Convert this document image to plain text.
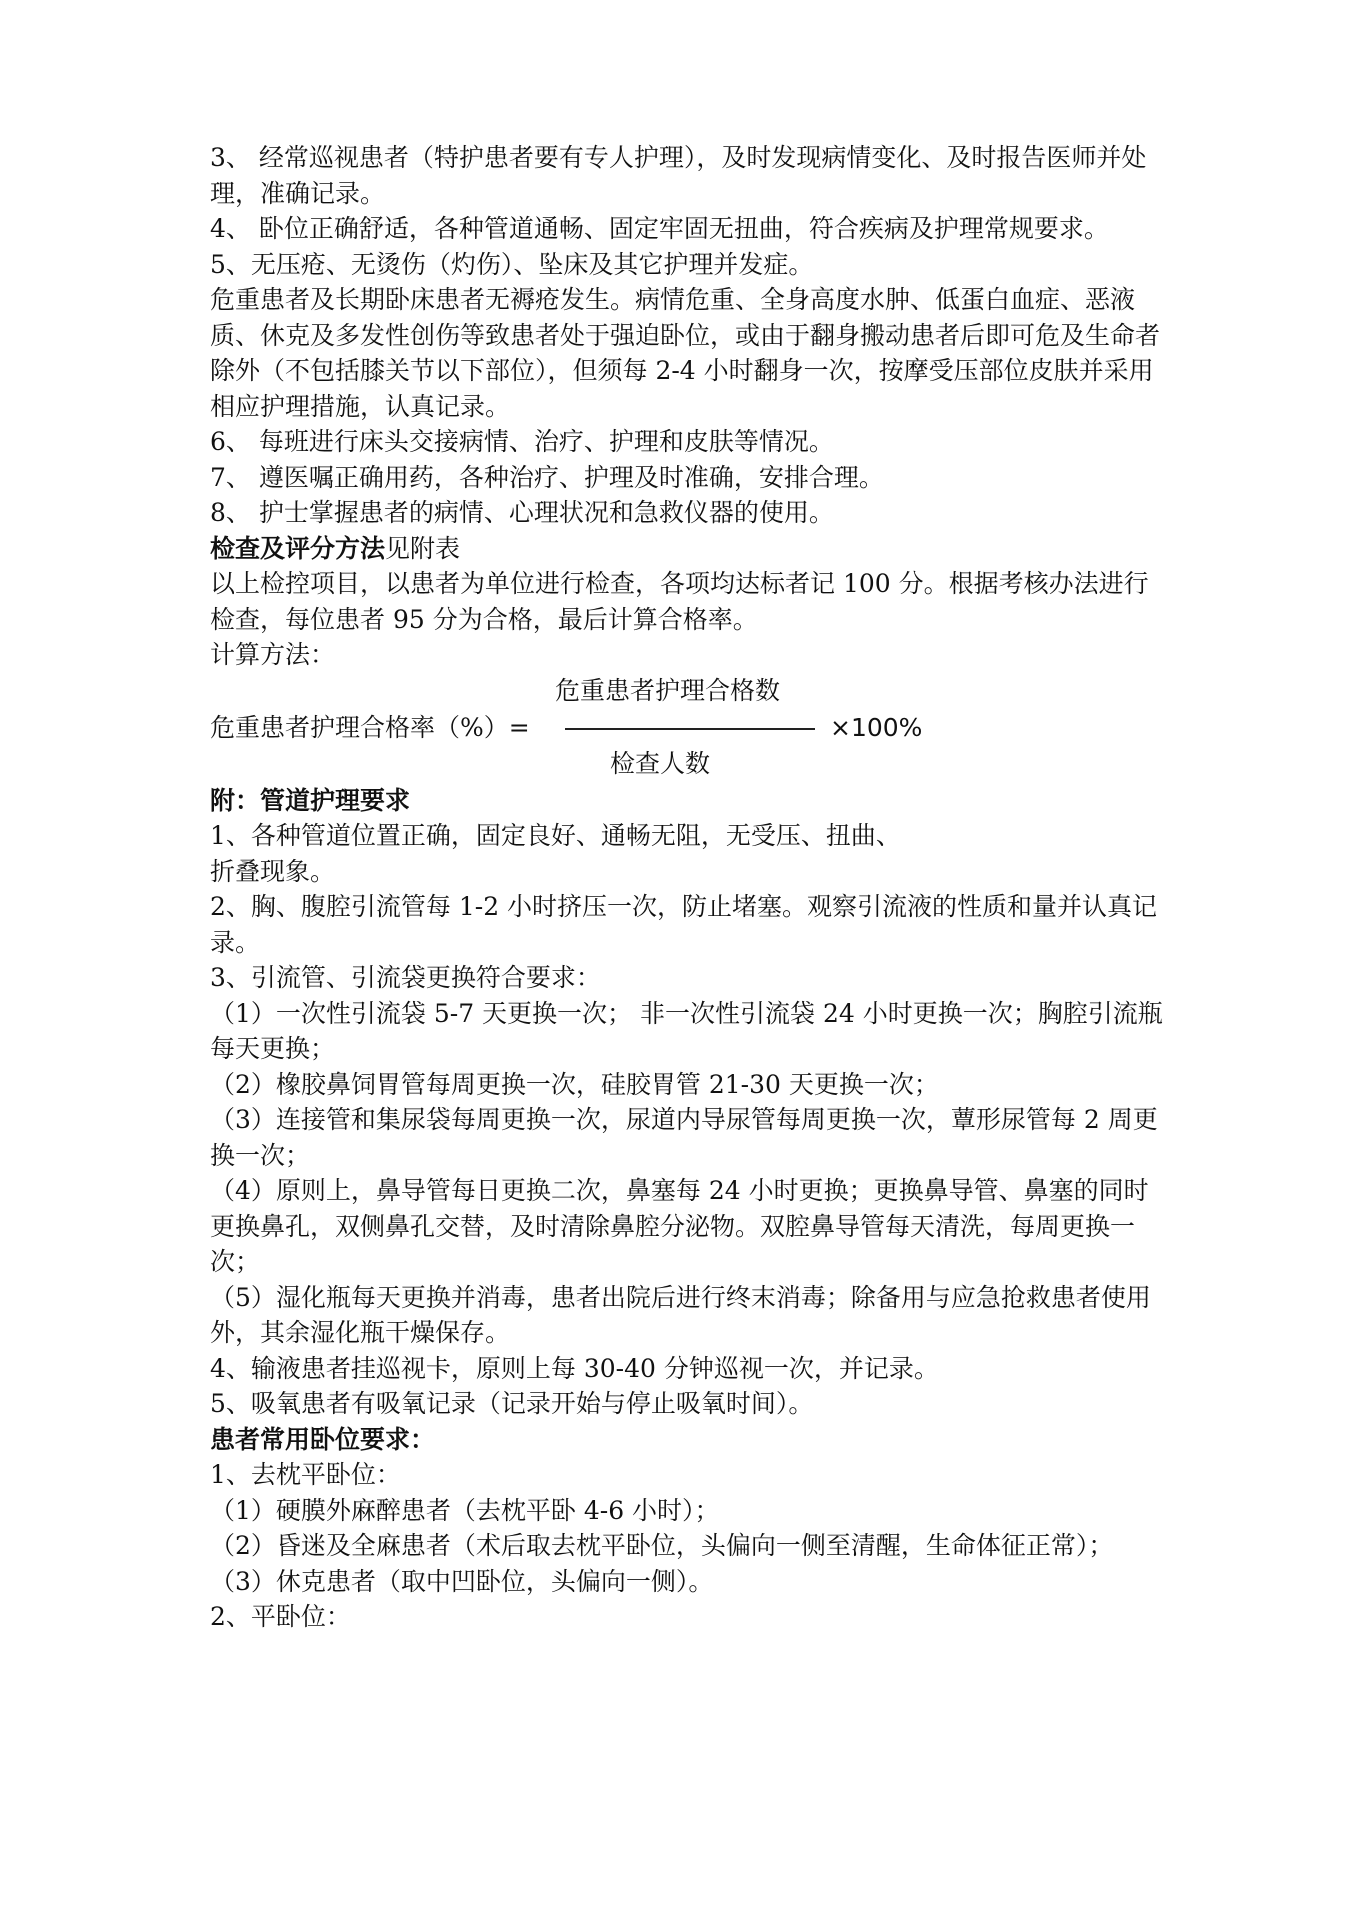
3、 经常巡视患者（特护患者要有专人护理），及时发现病情变化、及时报告医师并处理，准确记录。

4、 卧位正确舒适，各种管道通畅、固定牢固无扭曲，符合疾病及护理常规要求。

5、无压疮、无烫伤（灼伤）、坠床及其它护理并发症。

危重患者及长期卧床患者无褥疮发生。病情危重、全身高度水肿、低蛋白血症、恶液质、休克及多发性创伤等致患者处于强迫卧位，或由于翻身搬动患者后即可危及生命者除外（不包括膝关节以下部位），但须每 2-4 小时翻身一次，按摩受压部位皮肤并采用相应护理措施，认真记录。

6、 每班进行床头交接病情、治疗、护理和皮肤等情况。

7、 遵医嘱正确用药，各种治疗、护理及时准确，安排合理。

8、 护士掌握患者的病情、心理状况和急救仪器的使用。

检查及评分方法见附表

以上检控项目，以患者为单位进行检查，各项均达标者记 100 分。根据考核办法进行检查，每位患者 95 分为合格，最后计算合格率。

计算方法：

危重患者护理合格数
危重患者护理合格率（%）=	×100%
检查人数

附：管道护理要求

1、各种管道位置正确，固定良好、通畅无阻，无受压、扭曲、

折叠现象。

2、胸、腹腔引流管每 1-2 小时挤压一次，防止堵塞。观察引流液的性质和量并认真记录。

3、引流管、引流袋更换符合要求：

（1）一次性引流袋 5-7 天更换一次； 非一次性引流袋 24 小时更换一次；胸腔引流瓶每天更换；

（2）橡胶鼻饲胃管每周更换一次，硅胶胃管 21-30 天更换一次；

（3）连接管和集尿袋每周更换一次，尿道内导尿管每周更换一次，蕈形尿管每 2 周更换一次；

（4）原则上，鼻导管每日更换二次，鼻塞每 24 小时更换；更换鼻导管、鼻塞的同时更换鼻孔，双侧鼻孔交替，及时清除鼻腔分泌物。双腔鼻导管每天清洗，每周更换一次；

（5）湿化瓶每天更换并消毒，患者出院后进行终末消毒；除备用与应急抢救患者使用外，其余湿化瓶干燥保存。

4、输液患者挂巡视卡，原则上每 30-40 分钟巡视一次，并记录。

5、吸氧患者有吸氧记录（记录开始与停止吸氧时间）。

患者常用卧位要求：

1、去枕平卧位：

（1）硬膜外麻醉患者（去枕平卧 4-6 小时）；

（2）昏迷及全麻患者（术后取去枕平卧位，头偏向一侧至清醒，生命体征正常）；

（3）休克患者（取中凹卧位，头偏向一侧）。

2、平卧位：
